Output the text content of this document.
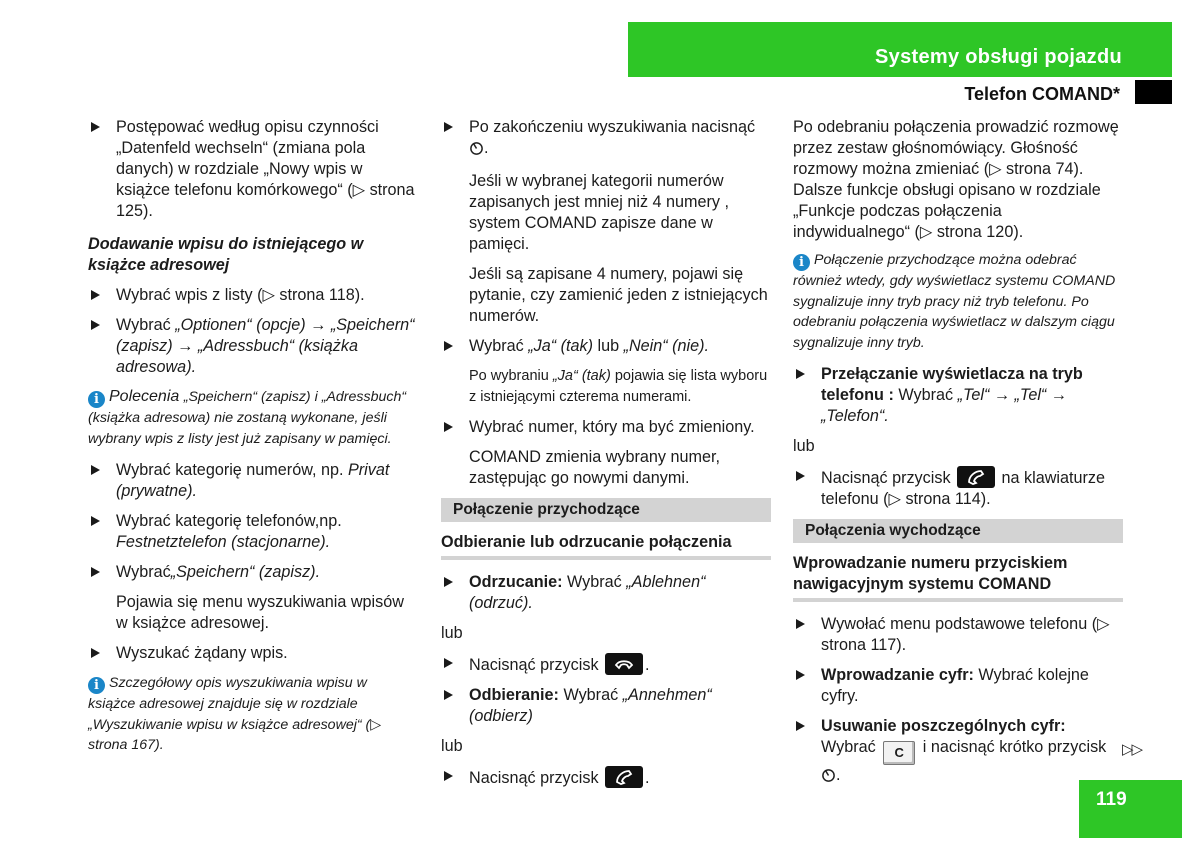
Systemy obsługi pojazdu
Telefon COMAND*
Postępować według opisu czynności „Datenfeld wechseln“ (zmiana pola danych) w rozdziale „Nowy wpis w książce telefonu komórkowego“ (▷ strona 125).
Dodawanie wpisu do istniejącego w książce adresowej
Wybrać wpis z listy (▷ strona 118).
Wybrać „Optionen“ (opcje) → „Speichern“ (zapisz) → „Adressbuch“ (książka adresowa).
i Polecenia „Speichern“ (zapisz) i „Adressbuch“ (książka adresowa) nie zostaną wykonane, jeśli wybrany wpis z listy jest już zapisany w pamięci.
Wybrać kategorię numerów, np. Privat (prywatne).
Wybrać kategorię telefonów,np. Festnetztelefon (stacjonarne).
Wybrać„Speichern“ (zapisz).
Pojawia się menu wyszukiwania wpisów w książce adresowej.
Wyszukać żądany wpis.
i Szczegółowy opis wyszukiwania wpisu w książce adresowej znajduje się w rozdziale „Wyszukiwanie wpisu w książce adresowej“ (▷ strona 167).
Po zakończeniu wyszukiwania nacisnąć .
Jeśli w wybranej kategorii numerów zapisanych jest mniej niż 4 numery , system COMAND zapisze dane w pamięci.
Jeśli są zapisane 4 numery, pojawi się pytanie, czy zamienić jeden z istniejących numerów.
Wybrać „Ja“ (tak) lub „Nein“ (nie).
Po wybraniu „Ja“ (tak) pojawia się lista wyboru z istniejącymi czterema numerami.
Wybrać numer, który ma być zmieniony.
COMAND zmienia wybrany numer, zastępując go nowymi danymi.
Połączenie przychodzące
Odbieranie lub odrzucanie połączenia
Odrzucanie: Wybrać „Ablehnen“ (odrzuć).
lub
Nacisnąć przycisk	.
Odbieranie: Wybrać „Annehmen“ (odbierz)
lub
Nacisnąć przycisk	.
Po odebraniu połączenia prowadzić rozmowę przez zestaw głośnomówiący. Głośność rozmowy można zmieniać (▷ strona 74). Dalsze funkcje obsługi opisano w rozdziale „Funkcje podczas połączenia indywidualnego“ (▷ strona 120).
i Połączenie przychodzące można odebrać również wtedy, gdy wyświetlacz systemu COMAND sygnalizuje inny tryb pracy niż tryb telefonu. Po odebraniu połączenia wyświetlacz w dalszym ciągu sygnalizuje inny tryb.
Przełączanie wyświetlacza na tryb telefonu : Wybrać „Tel“ → „Tel“ → „Telefon“.
lub
Nacisnąć przycisk	na klawiaturze telefonu (▷ strona 114).
Połączenia wychodzące
Wprowadzanie numeru przyciskiem nawigacyjnym systemu COMAND
Wywołać menu podstawowe telefonu (▷ strona 117).
Wprowadzanie cyfr: Wybrać kolejne cyfry.
Usuwanie poszczególnych cyfr:
Wybrać C i nacisnąć krótko przycisk .
▷▷
119
